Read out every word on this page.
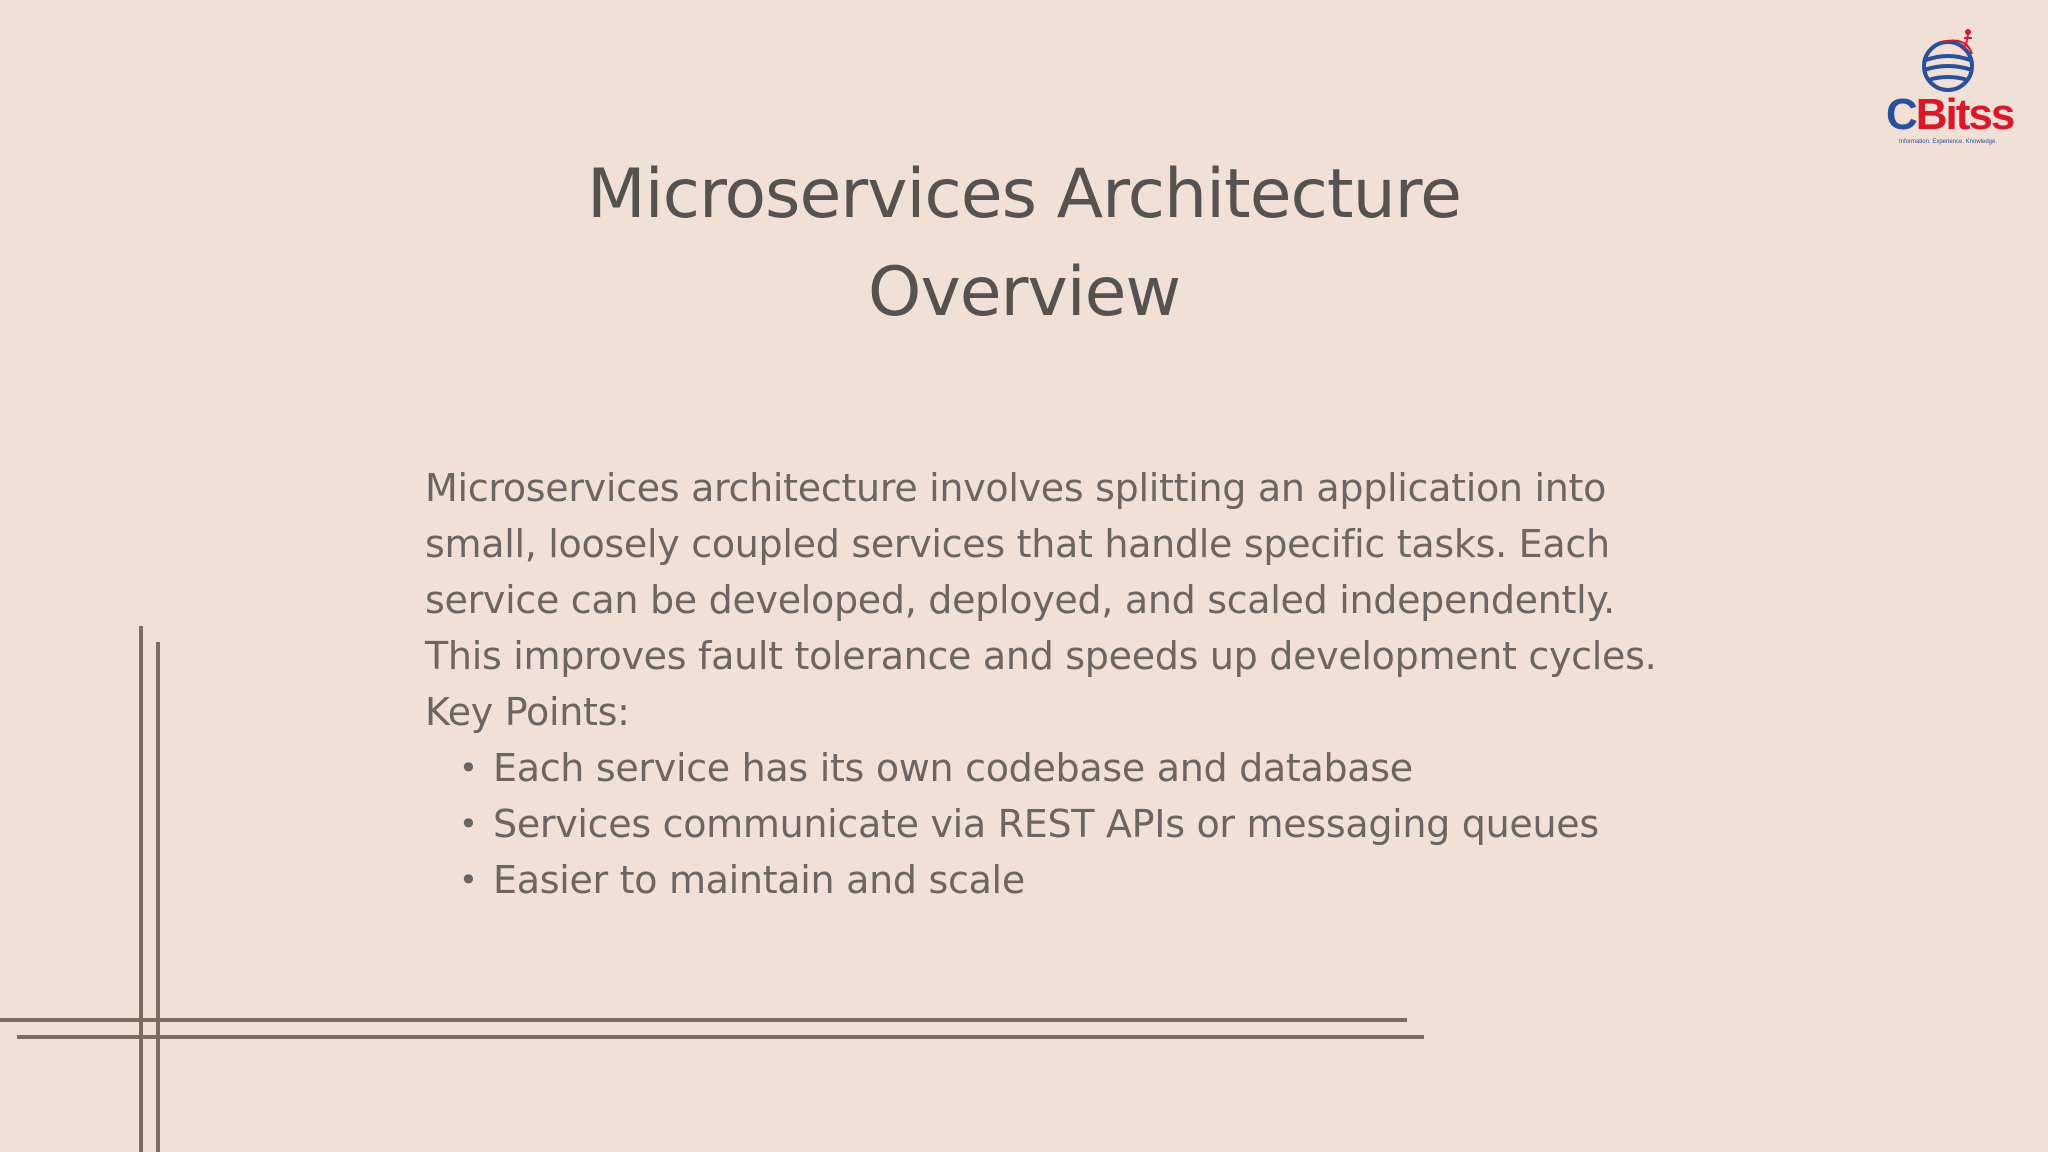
CBitss
Information. Experience. Knowledge.
Microservices Architecture
Overview

Microservices architecture involves splitting an application into

small, loosely coupled services that handle specific tasks. Each

service can be developed, deployed, and scaled independently.

This improves fault tolerance and speeds up development cycles.

Key Points:

• Each service has its own codebase and database
• Services communicate via REST APIs or messaging queues
• Easier to maintain and scale
